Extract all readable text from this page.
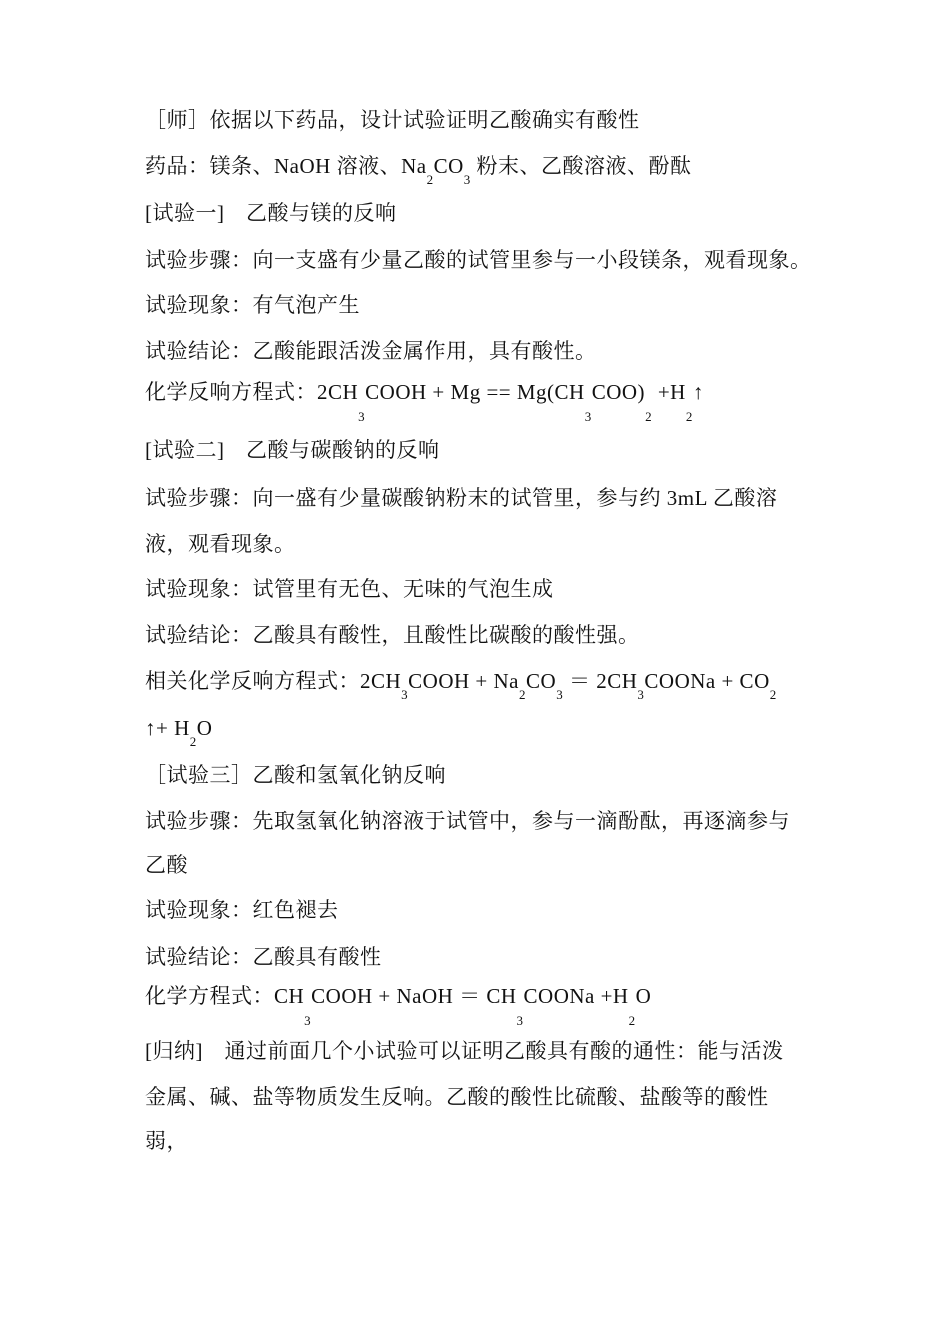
［师］依据以下药品，设计试验证明乙酸确实有酸性
药品：镁条、NaOH 溶液、$Na_2CO_3$ 粉末、乙酸溶液、酚酞
[试验一]　乙酸与镁的反响
试验步骤：向一支盛有少量乙酸的试管里参与一小段镁条，观看现象。
试验现象：有气泡产生
试验结论：乙酸能跟活泼金属作用，具有酸性。
化学反响方程式：$2CH_3COOH + Mg == Mg(CH_3COO)_2$ $+H_2↑$
[试验二]　乙酸与碳酸钠的反响
试验步骤：向一盛有少量碳酸钠粉末的试管里，参与约 3mL 乙酸溶
液，观看现象。
试验现象：试管里有无色、无味的气泡生成
试验结论：乙酸具有酸性，且酸性比碳酸的酸性强。
相关化学反响方程式：$2CH_3COOH + Na_2CO_3$ ＝ $2CH_3COONa + CO_2$
↑+ $H_2O$
［试验三］乙酸和氢氧化钠反响
试验步骤：先取氢氧化钠溶液于试管中，参与一滴酚酞，再逐滴参与
乙酸
试验现象：红色褪去
试验结论：乙酸具有酸性
化学方程式：$CH_3COOH$ + NaOH ＝ $CH_3COONa +H_2O$
[归纳]　通过前面几个小试验可以证明乙酸具有酸的通性：能与活泼
金属、碱、盐等物质发生反响。乙酸的酸性比硫酸、盐酸等的酸性
弱，
